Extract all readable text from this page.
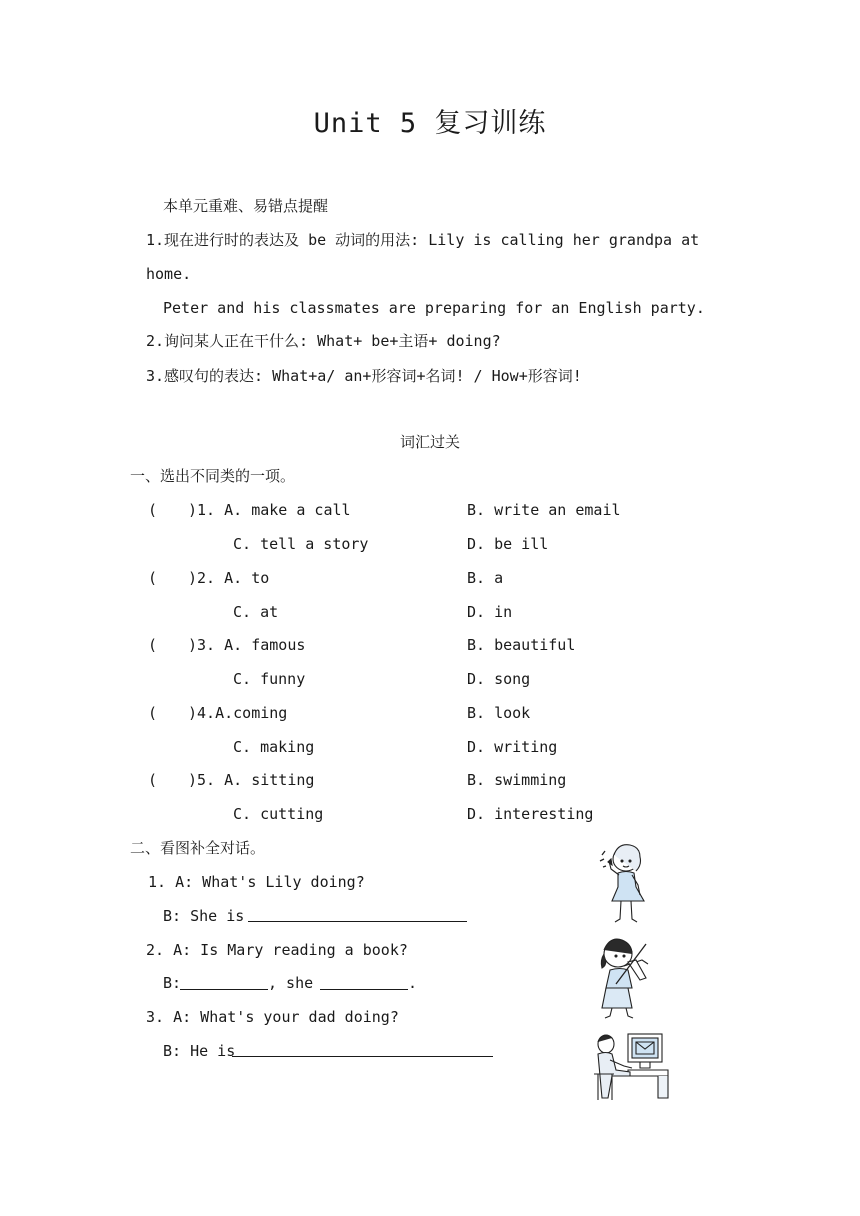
Unit 5 复习训练
本单元重难、易错点提醒
1.现在进行时的表达及 be 动词的用法: Lily is calling her grandpa at
home.
Peter and his classmates are preparing for an English party.
2.询问某人正在干什么: What+ be+主语+ doing?
3.感叹句的表达: What+a/ an+形容词+名词! / How+形容词!
词汇过关
一、选出不同类的一项。
( )1. A. make a call	B. write an email
C. tell a story	D. be ill
( )2. A. to	B. a
C. at	D. in
( )3. A. famous	B. beautiful
C. funny	D. song
( )4.A.coming	B. look
C. making	D. writing
( )5. A. sitting	B. swimming
C. cutting	D. interesting
二、看图补全对话。
1. A: What's Lily doing?
B: She is
2. A: Is Mary reading a book?
B:	, she	.
3. A: What's your dad doing?
B: He is
